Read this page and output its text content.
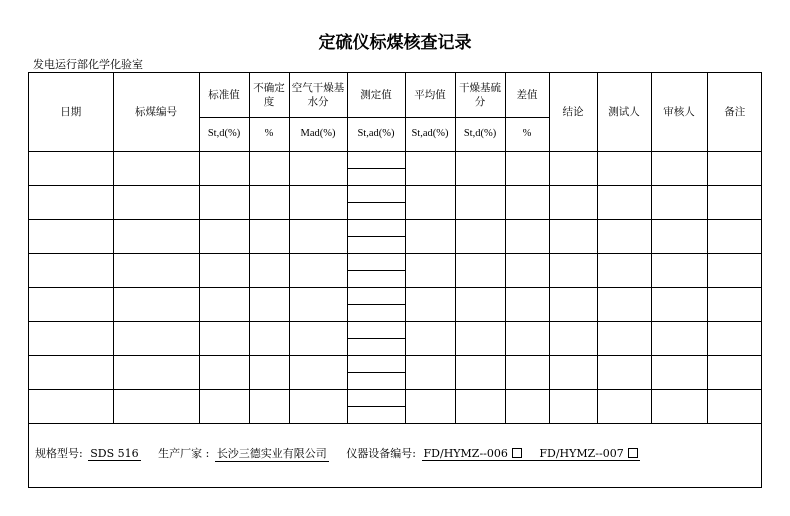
定硫仪标煤核查记录
发电运行部化学化验室
日期	标煤编号	标准值	不确定度	空气干燥基水分	测定值	平均值	干燥基硫分	差值	结论	测试人	审核人	备注
		St,d(%)	%	Mad(%)	St,ad(%)	St,ad(%)	St,d(%)	%				

规格型号: SDS 516 生产厂家 : 长沙三德实业有限公司 仪器设备编号: FD/HYMZ--006	FD/HYMZ--007
